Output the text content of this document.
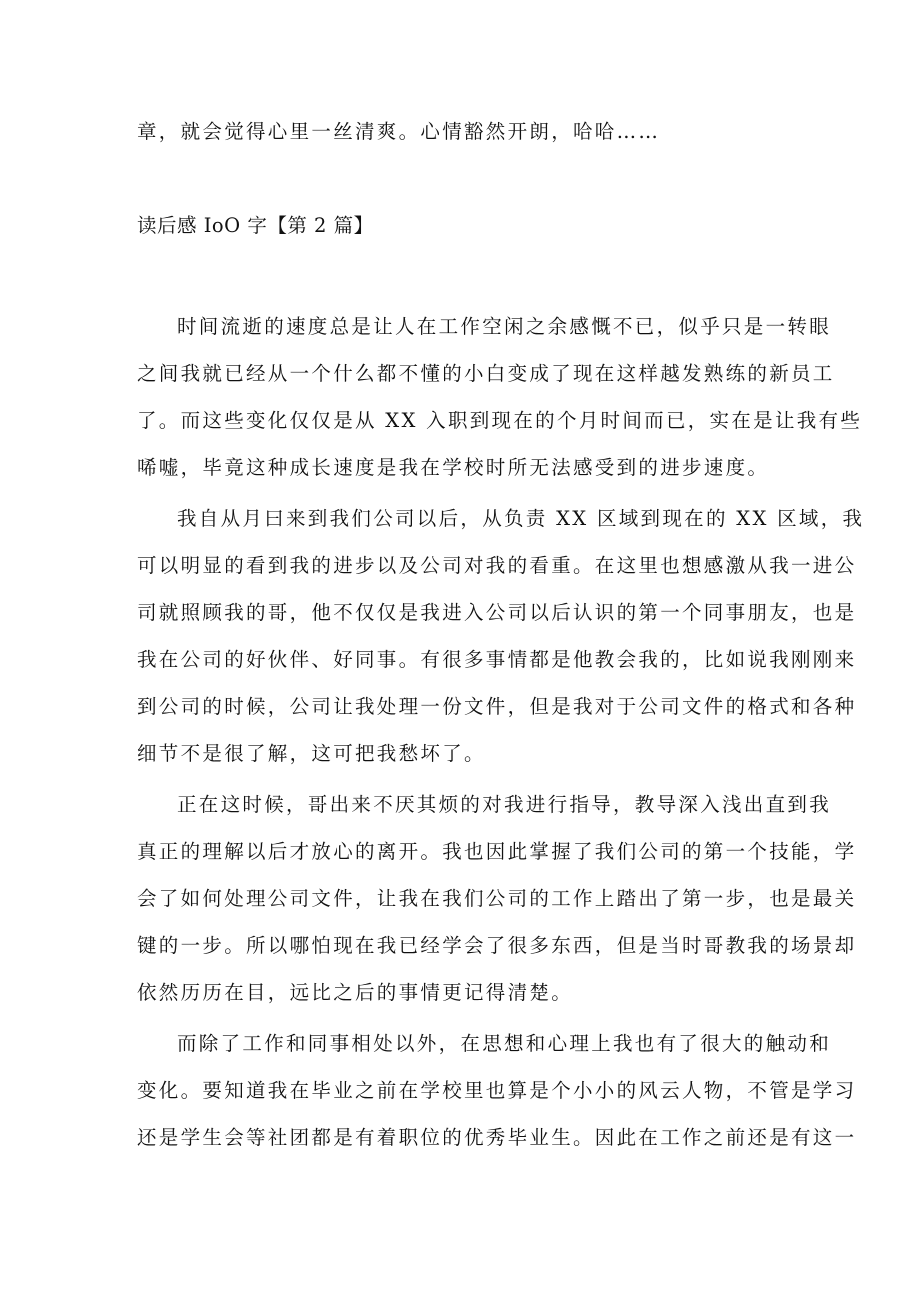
章，就会觉得心里一丝清爽。心情豁然开朗，哈哈……
读后感 IoO 字【第 2 篇】
时间流逝的速度总是让人在工作空闲之余感慨不已，似乎只是一转眼
之间我就已经从一个什么都不懂的小白变成了现在这样越发熟练的新员工
了。而这些变化仅仅是从 XX 入职到现在的个月时间而已，实在是让我有些
唏嘘，毕竟这种成长速度是我在学校时所无法感受到的进步速度。
我自从月曰来到我们公司以后，从负责 XX 区域到现在的 XX 区域，我
可以明显的看到我的进步以及公司对我的看重。在这里也想感激从我一进公
司就照顾我的哥，他不仅仅是我进入公司以后认识的第一个同事朋友，也是
我在公司的好伙伴、好同事。有很多事情都是他教会我的，比如说我刚刚来
到公司的时候，公司让我处理一份文件，但是我对于公司文件的格式和各种
细节不是很了解，这可把我愁坏了。
正在这时候，哥出来不厌其烦的对我进行指导，教导深入浅出直到我
真正的理解以后才放心的离开。我也因此掌握了我们公司的第一个技能，学
会了如何处理公司文件，让我在我们公司的工作上踏出了第一步，也是最关
键的一步。所以哪怕现在我已经学会了很多东西，但是当时哥教我的场景却
依然历历在目，远比之后的事情更记得清楚。
而除了工作和同事相处以外，在思想和心理上我也有了很大的触动和
变化。要知道我在毕业之前在学校里也算是个小小的风云人物，不管是学习
还是学生会等社团都是有着职位的优秀毕业生。因此在工作之前还是有这一
